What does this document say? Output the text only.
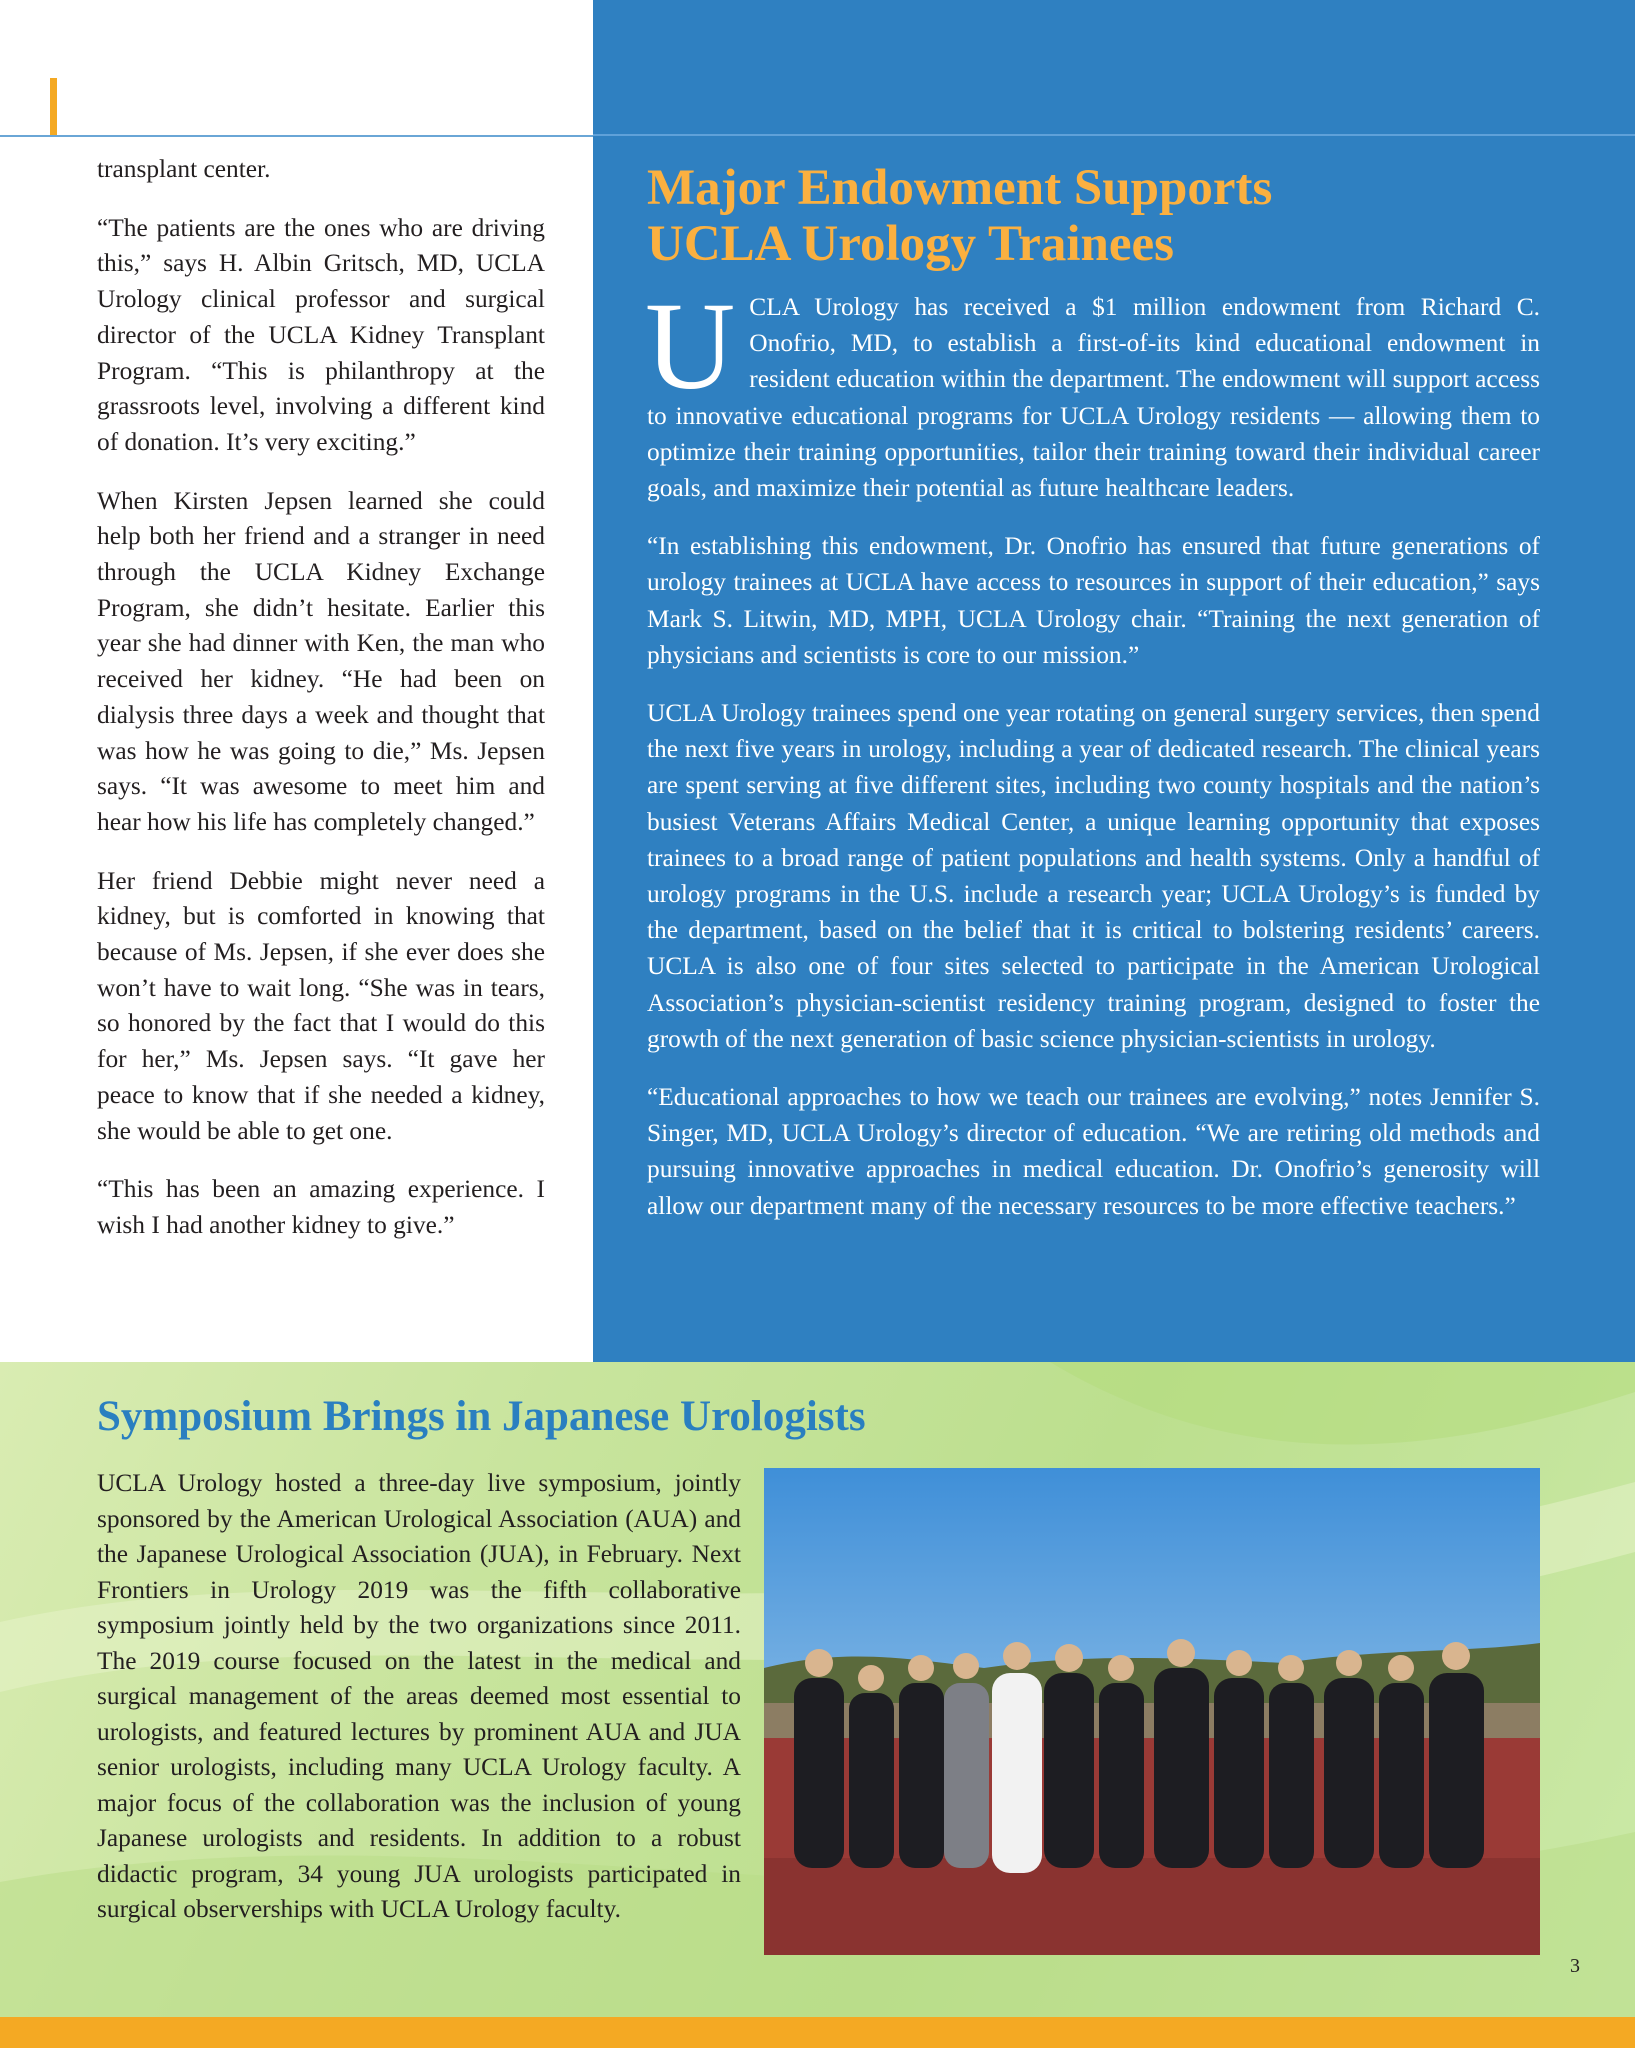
transplant center.

“The patients are the ones who are driving this,” says H. Albin Gritsch, MD, UCLA Urology clinical professor and surgical director of the UCLA Kidney Transplant Program. “This is philanthropy at the grassroots level, involving a different kind of donation. It’s very exciting.”

When Kirsten Jepsen learned she could help both her friend and a stranger in need through the UCLA Kidney Exchange Program, she didn’t hesitate. Earlier this year she had dinner with Ken, the man who received her kidney. “He had been on dialysis three days a week and thought that was how he was going to die,” Ms. Jepsen says. “It was awesome to meet him and hear how his life has completely changed.”

Her friend Debbie might never need a kidney, but is comforted in knowing that because of Ms. Jepsen, if she ever does she won’t have to wait long. “She was in tears, so honored by the fact that I would do this for her,” Ms. Jepsen says. “It gave her peace to know that if she needed a kidney, she would be able to get one.

“This has been an amazing experience. I wish I had another kidney to give.”

Major Endowment Supports
UCLA Urology Trainees

UCLA Urology has received a $1 million endowment from Richard C. Onofrio, MD, to establish a first-of-its kind educational endowment in resident education within the department. The endowment will support access to innovative educational programs for UCLA Urology residents — allowing them to optimize their training opportunities, tailor their training toward their individual career goals, and maximize their potential as future healthcare leaders.

“In establishing this endowment, Dr. Onofrio has ensured that future generations of urology trainees at UCLA have access to resources in support of their education,” says Mark S. Litwin, MD, MPH, UCLA Urology chair. “Training the next generation of physicians and scientists is core to our mission.”

UCLA Urology trainees spend one year rotating on general surgery services, then spend the next five years in urology, including a year of dedicated research. The clinical years are spent serving at five different sites, including two county hospitals and the nation’s busiest Veterans Affairs Medical Center, a unique learning opportunity that exposes trainees to a broad range of patient populations and health systems. Only a handful of urology programs in the U.S. include a research year; UCLA Urology’s is funded by the department, based on the belief that it is critical to bolstering residents’ careers. UCLA is also one of four sites selected to participate in the American Urological Association’s physician-scientist residency training program, designed to foster the growth of the next generation of basic science physician-scientists in urology.

“Educational approaches to how we teach our trainees are evolving,” notes Jennifer S. Singer, MD, UCLA Urology’s director of education. “We are retiring old methods and pursuing innovative approaches in medical education. Dr. Onofrio’s generosity will allow our department many of the necessary resources to be more effective teachers.”

Symposium Brings in Japanese Urologists

UCLA Urology hosted a three-day live symposium, jointly sponsored by the American Urological Association (AUA) and the Japanese Urological Association (JUA), in February. Next Frontiers in Urology 2019 was the fifth collaborative symposium jointly held by the two organizations since 2011. The 2019 course focused on the latest in the medical and surgical management of the areas deemed most essential to urologists, and featured lectures by prominent AUA and JUA senior urologists, including many UCLA Urology faculty. A major focus of the collaboration was the inclusion of young Japanese urologists and residents. In addition to a robust didactic program, 34 young JUA urologists participated in surgical observerships with UCLA Urology faculty.

3
